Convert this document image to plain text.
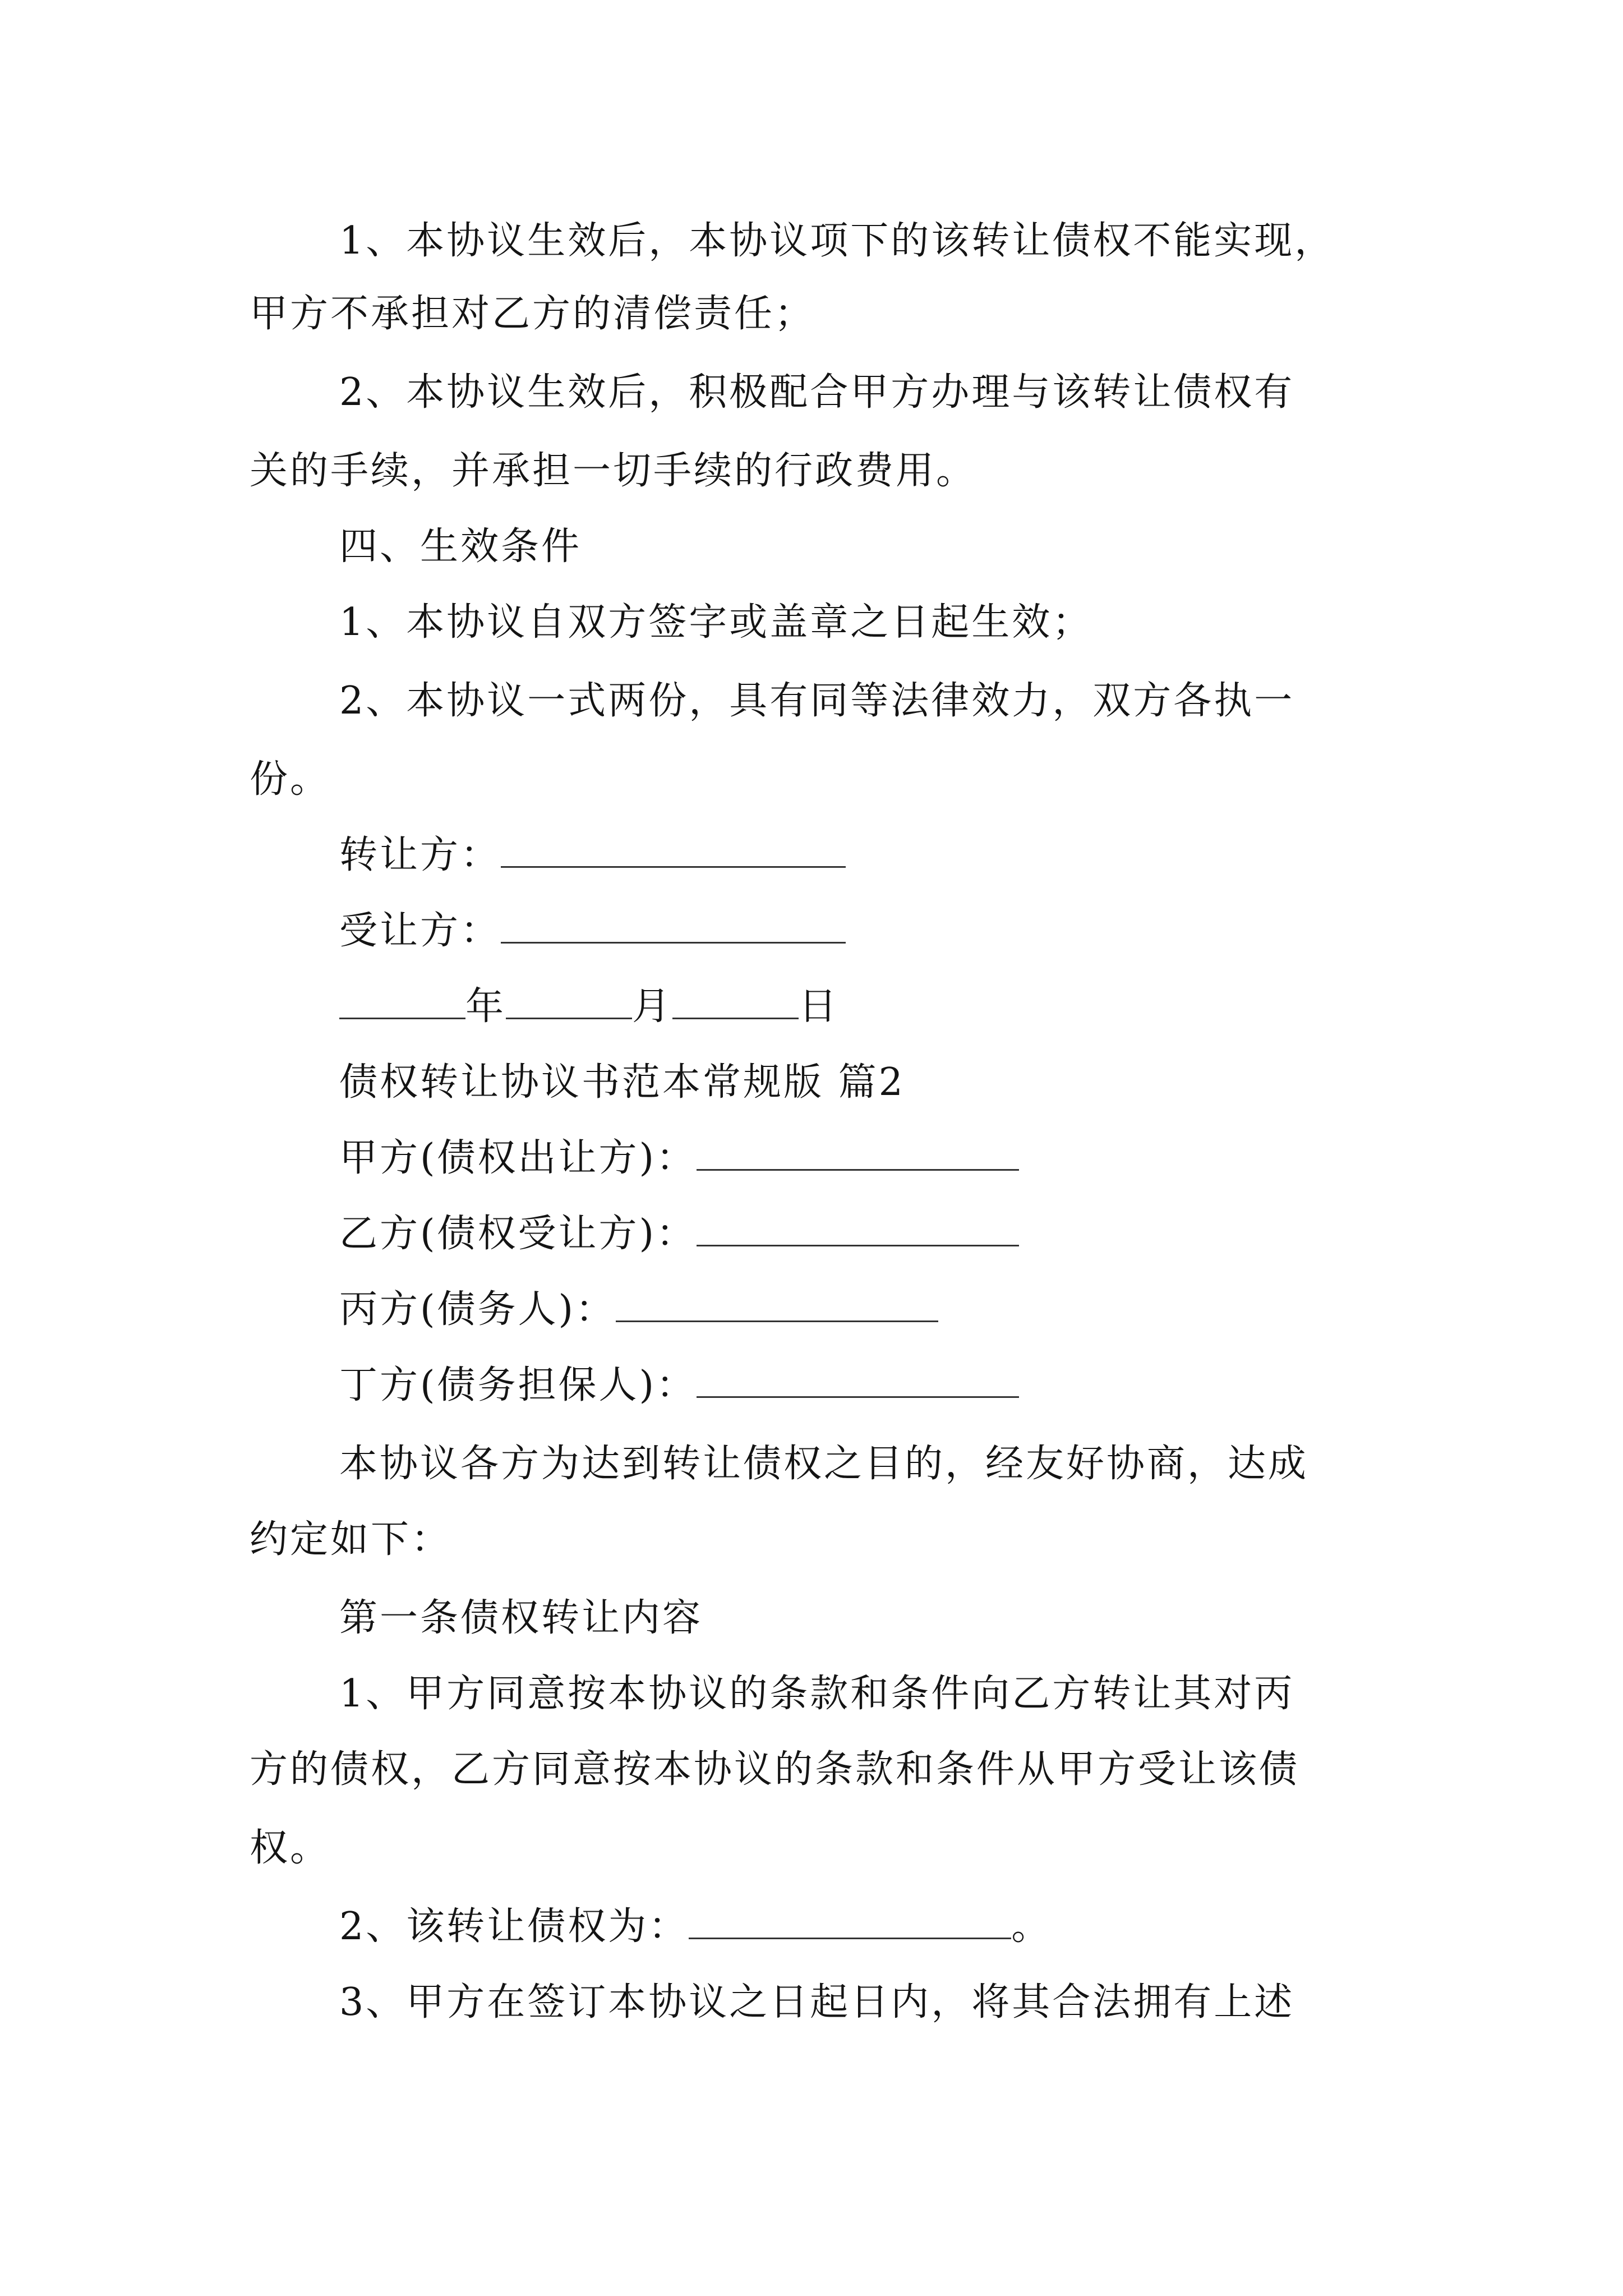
1、本协议生效后，本协议项下的该转让债权不能实现，
甲方不承担对乙方的清偿责任；
2、本协议生效后，积极配合甲方办理与该转让债权有
关的手续，并承担一切手续的行政费用。
四、生效条件
1、本协议自双方签字或盖章之日起生效；
2、本协议一式两份，具有同等法律效力，双方各执一
份。
转让方：
受让方：
年	月	日
债权转让协议书范本常规版 篇2
甲方(债权出让方)：
乙方(债权受让方)：
丙方(债务人)：
丁方(债务担保人)：
本协议各方为达到转让债权之目的，经友好协商，达成
约定如下：
第一条债权转让内容
1、甲方同意按本协议的条款和条件向乙方转让其对丙
方的债权，乙方同意按本协议的条款和条件从甲方受让该债
权。
2、该转让债权为：	。
3、甲方在签订本协议之日起日内，将其合法拥有上述
